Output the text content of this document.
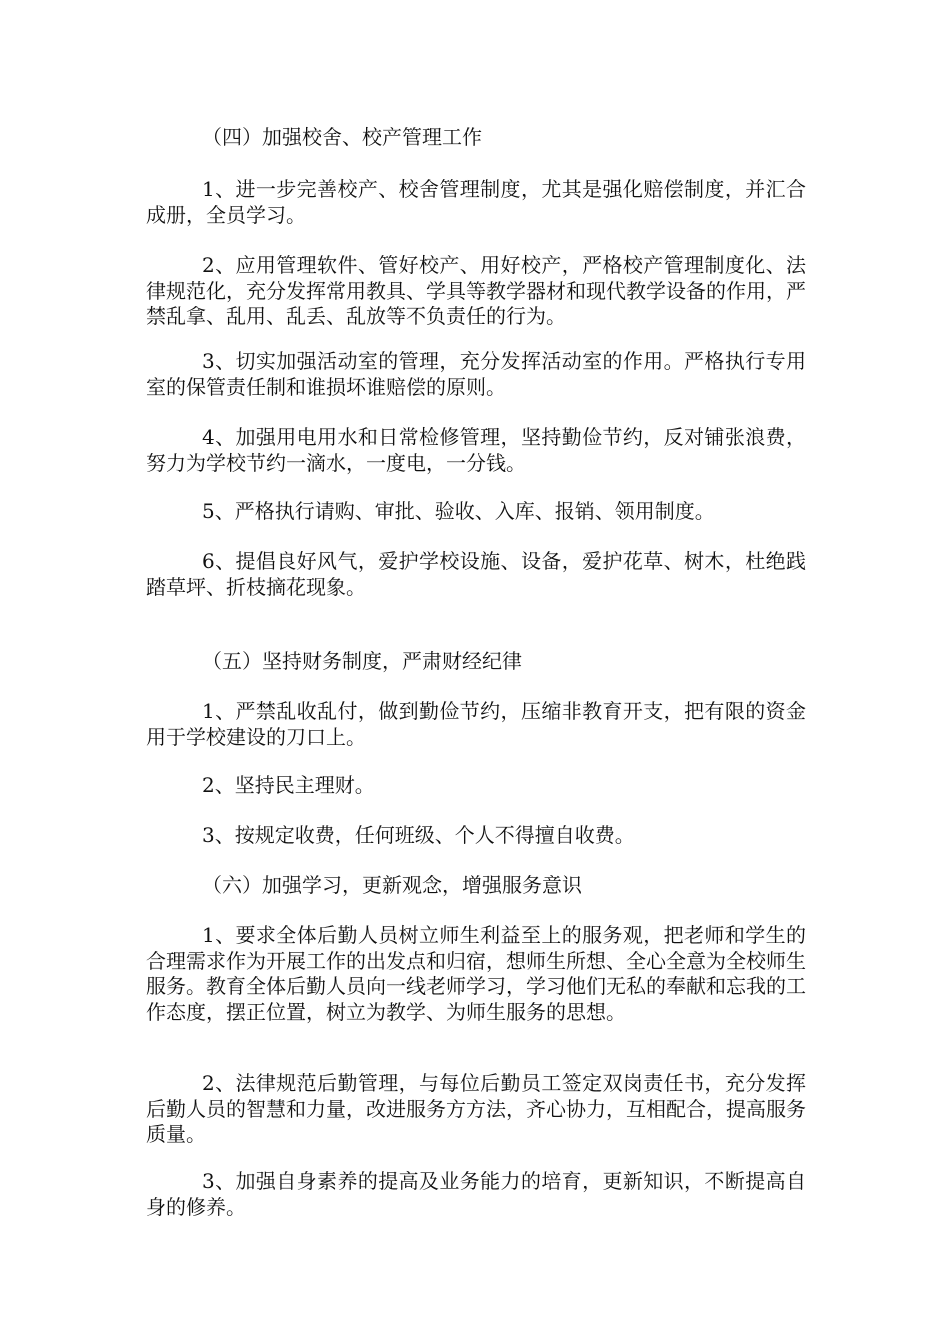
（四）加强校舍、校产管理工作

1、进一步完善校产、校舍管理制度，尤其是强化赔偿制度，并汇合成册，全员学习。

2、应用管理软件、管好校产、用好校产，严格校产管理制度化、法律规范化，充分发挥常用教具、学具等教学器材和现代教学设备的作用，严禁乱拿、乱用、乱丢、乱放等不负责任的行为。

3、切实加强活动室的管理，充分发挥活动室的作用。严格执行专用室的保管责任制和谁损坏谁赔偿的原则。

4、加强用电用水和日常检修管理，坚持勤俭节约，反对铺张浪费，努力为学校节约一滴水，一度电，一分钱。

5、严格执行请购、审批、验收、入库、报销、领用制度。

6、提倡良好风气，爱护学校设施、设备，爱护花草、树木，杜绝践踏草坪、折枝摘花现象。

（五）坚持财务制度，严肃财经纪律

1、严禁乱收乱付，做到勤俭节约，压缩非教育开支，把有限的资金用于学校建设的刀口上。

2、坚持民主理财。

3、按规定收费，任何班级、个人不得擅自收费。

（六）加强学习，更新观念，增强服务意识

1、要求全体后勤人员树立师生利益至上的服务观，把老师和学生的合理需求作为开展工作的出发点和归宿，想师生所想、全心全意为全校师生服务。教育全体后勤人员向一线老师学习，学习他们无私的奉献和忘我的工作态度，摆正位置，树立为教学、为师生服务的思想。

2、法律规范后勤管理，与每位后勤员工签定双岗责任书，充分发挥后勤人员的智慧和力量，改进服务方方法，齐心协力，互相配合，提高服务质量。

3、加强自身素养的提高及业务能力的培育，更新知识，不断提高自身的修养。
